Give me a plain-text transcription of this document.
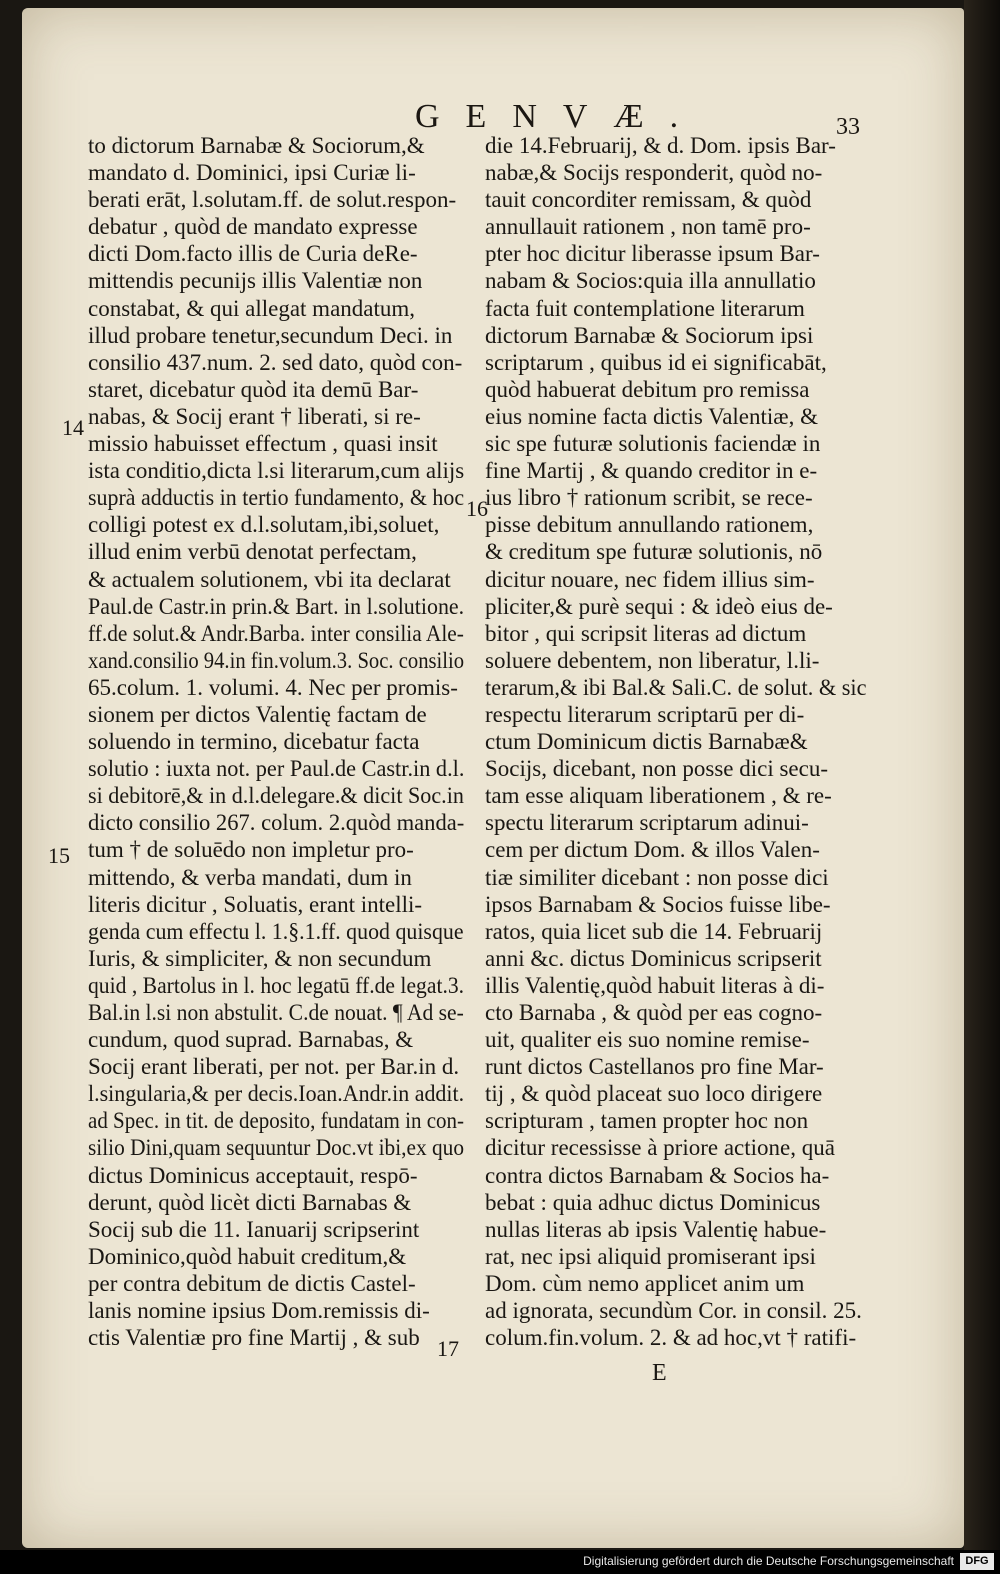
GENVÆ.	33
to dictorum Barnabæ & Sociorum,&
mandato d. Dominici, ipsi Curiæ li-
berati erāt, l.solutam.ff. de solut.respon-
debatur , quòd de mandato expresse
dicti Dom.facto illis de Curia deRe-
mittendis pecunijs illis Valentiæ non
constabat, & qui allegat mandatum,
illud probare tenetur,secundum Deci. in
consilio 437.num. 2. sed dato, quòd con-
staret, dicebatur quòd ita demū Bar-
nabas, & Socij erant † liberati, si re-
missio habuisset effectum , quasi insit
ista conditio,dicta l.si literarum,cum alijs
suprà adductis in tertio fundamento, & hoc
colligi potest ex d.l.solutam,ibi,soluet,
illud enim verbū denotat perfectam,
& actualem solutionem, vbi ita declarat
Paul.de Castr.in prin.& Bart. in l.solutione.
ff.de solut.& Andr.Barba. inter consilia Ale-
xand.consilio 94.in fin.volum.3. Soc. consilio
65.colum. 1. volumi. 4. Nec per promis-
sionem per dictos Valentię factam de
soluendo in termino, dicebatur facta
solutio : iuxta not. per Paul.de Castr.in d.l.
si debitorē,& in d.l.delegare.& dicit Soc.in
dicto consilio 267. colum. 2.quòd manda-
tum † de soluēdo non impletur pro-
mittendo, & verba mandati, dum in
literis dicitur , Soluatis, erant intelli-
genda cum effectu l. 1.§.1.ff. quod quisque
Iuris, & simpliciter, & non secundum
quid , Bartolus in l. hoc legatū ff.de legat.3.
Bal.in l.si non abstulit. C.de nouat. ¶ Ad se-
cundum, quod suprad. Barnabas, &
Socij erant liberati, per not. per Bar.in d.
l.singularia,& per decis.Ioan.Andr.in addit.
ad Spec. in tit. de deposito, fundatam in con-
silio Dini,quam sequuntur Doc.vt ibi,ex quo
dictus Dominicus acceptauit, respō-
derunt, quòd licèt dicti Barnabas &
Socij sub die 11. Ianuarij scripserint
Dominico,quòd habuit creditum,&
per contra debitum de dictis Castel-
lanis nomine ipsius Dom.remissis di-
ctis Valentiæ pro fine Martij , & sub
die 14.Februarij, & d. Dom. ipsis Bar-
nabæ,& Socijs responderit, quòd no-
tauit concorditer remissam, & quòd
annullauit rationem , non tamē pro-
pter hoc dicitur liberasse ipsum Bar-
nabam & Socios:quia illa annullatio
facta fuit contemplatione literarum
dictorum Barnabæ & Sociorum ipsi
scriptarum , quibus id ei significabāt,
quòd habuerat debitum pro remissa
eius nomine facta dictis Valentiæ, &
sic spe futuræ solutionis faciendæ in
fine Martij , & quando creditor in e-
ius libro † rationum scribit, se rece-
pisse debitum annullando rationem,
& creditum spe futuræ solutionis, nō
dicitur nouare, nec fidem illius sim-
pliciter,& purè sequi : & ideò eius de-
bitor , qui scripsit literas ad dictum
soluere debentem, non liberatur, l.li-
terarum,& ibi Bal.& Sali.C. de solut. & sic
respectu literarum scriptarū per di-
ctum Dominicum dictis Barnabæ&
Socijs, dicebant, non posse dici secu-
tam esse aliquam liberationem , & re-
spectu literarum scriptarum adinui-
cem per dictum Dom. & illos Valen-
tiæ similiter dicebant : non posse dici
ipsos Barnabam & Socios fuisse libe-
ratos, quia licet sub die 14. Februarij
anni &c. dictus Dominicus scripserit
illis Valentię,quòd habuit literas à di-
cto Barnaba , & quòd per eas cogno-
uit, qualiter eis suo nomine remise-
runt dictos Castellanos pro fine Mar-
tij , & quòd placeat suo loco dirigere
scripturam , tamen propter hoc non
dicitur recessisse à priore actione, quā
contra dictos Barnabam & Socios ha-
bebat : quia adhuc dictus Dominicus
nullas literas ab ipsis Valentię habue-
rat, nec ipsi aliquid promiserant ipsi
Dom. cùm nemo applicet anim um
ad ignorata, secundùm Cor. in consil. 25.
colum.fin.volum. 2. & ad hoc,vt † ratifi-
14
15
16
17
E
Digitalisierung gefördert durch die Deutsche Forschungsgemeinschaft	DFG
